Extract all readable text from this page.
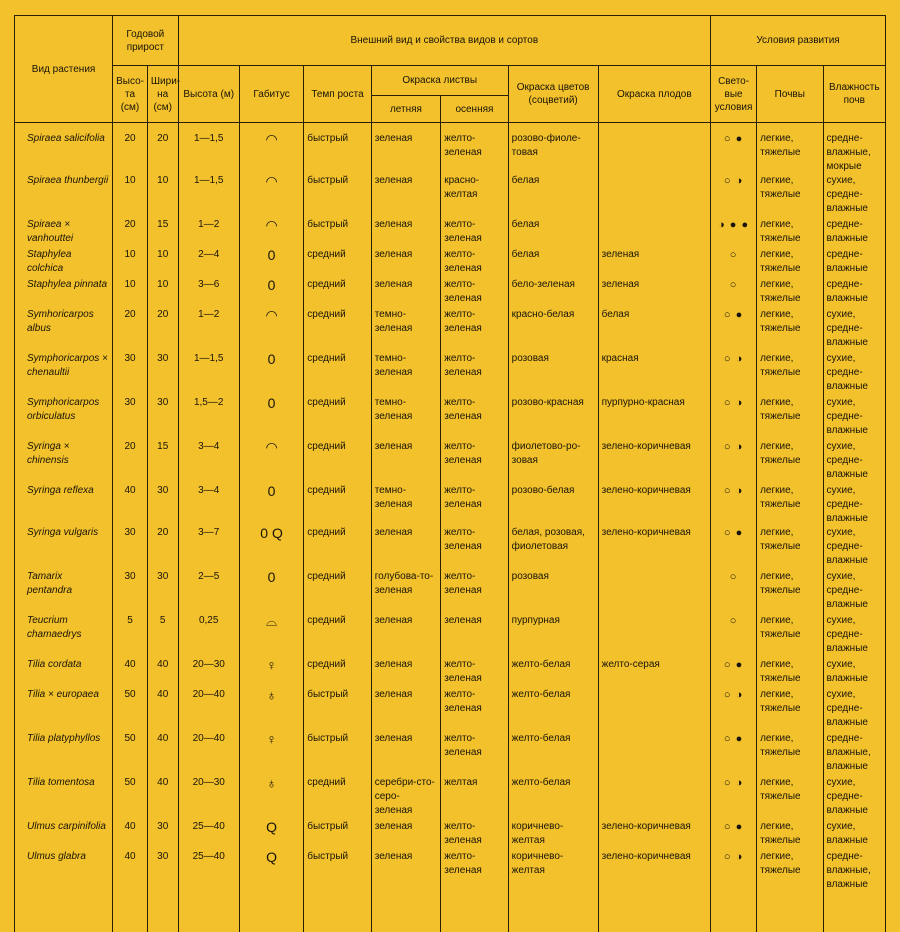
Вид растения	Годовой прирост		Внешний вид и свойства видов и сортов							Условия развития		
	Высо-та (см)	Шири-на (см)	Высота (м)	Габитус	Темп роста	Окраска листвы		Окраска цветов (соцветий)	Окраска плодов	Свето-вые условия	Почвы	Влажность почв
						летняя	осенняя					
Spiraea salicifolia	20	20	1—1,5	◠	быстрый	зеленая	желто-зеленая	розово-фиоле-товая		○ ●	легкие, тяжелые	средне-влажные, мокрые
Spiraea thunbergii	10	10	1—1,5	◠	быстрый	зеленая	красно-желтая	белая		○ ◑	легкие, тяжелые	сухие, средне-влажные
Spiraea × vanhouttei	20	15	1—2	◠	быстрый	зеленая	желто-зеленая	белая		◑ ● ●	легкие, тяжелые	средне-влажные
Staphylea colchica	10	10	2—4	0	средний	зеленая	желто-зеленая	белая	зеленая	○	легкие, тяжелые	средне-влажные
Staphylea pinnata	10	10	3—6	0	средний	зеленая	желто-зеленая	бело-зеленая	зеленая	○	легкие, тяжелые	средне-влажные
Symhoricarpos albus	20	20	1—2	◠	средний	темно-зеленая	желто-зеленая	красно-белая	белая	○ ●	легкие, тяжелые	сухие, средне-влажные
Symphoricarpos × chenaultii	30	30	1—1,5	0	средний	темно-зеленая	желто-зеленая	розовая	красная	○ ◑	легкие, тяжелые	сухие, средне-влажные
Symphoricarpos orbiculatus	30	30	1,5—2	0	средний	темно-зеленая	желто-зеленая	розово-красная	пурпурно-красная	○ ◑	легкие, тяжелые	сухие, средне-влажные
Syringa × chinensis	20	15	3—4	◠	средний	зеленая	желто-зеленая	фиолетово-ро-зовая	зелено-коричневая	○ ◑	легкие, тяжелые	сухие, средне-влажные
Syringa reflexa	40	30	3—4	0	средний	темно-зеленая	желто-зеленая	розово-белая	зелено-коричневая	○ ◑	легкие, тяжелые	сухие, средне-влажные
Syringa vulgaris	30	20	3—7	0 Q	средний	зеленая	желто-зеленая	белая, розовая, фиолетовая	зелено-коричневая	○ ●	легкие, тяжелые	сухие, средне-влажные
Tamarix pentandra	30	30	2—5	0	средний	голубова-то-зеленая	желто-зеленая	розовая		○	легкие, тяжелые	сухие, средне-влажные
Teucrium chamaedrys	5	5	0,25	⌓	средний	зеленая	зеленая	пурпурная		○	легкие, тяжелые	сухие, средне-влажные
Tilia cordata	40	40	20—30	♀	средний	зеленая	желто-зеленая	желто-белая	желто-серая	○ ●	легкие, тяжелые	сухие, влажные
Tilia × europaea	50	40	20—40	♁	быстрый	зеленая	желто-зеленая	желто-белая		○ ◑	легкие, тяжелые	сухие, средне-влажные
Tilia platyphyllos	50	40	20—40	♀	быстрый	зеленая	желто-зеленая	желто-белая		○ ●	легкие, тяжелые	средне-влажные, влажные
Tilia tomentosa	50	40	20—30	♁	средний	серебри-сто-серо-зеленая	желтая	желто-белая		○ ◑	легкие, тяжелые	сухие, средне-влажные
Ulmus carpinifolia	40	30	25—40	Q	быстрый	зеленая	желто-зеленая	коричнево-желтая	зелено-коричневая	○ ●	легкие, тяжелые	сухие, влажные
Ulmus glabra	40	30	25—40	Q	быстрый	зеленая	желто-зеленая	коричнево-желтая	зелено-коричневая	○ ◑	легкие, тяжелые	средне-влажные, влажные
